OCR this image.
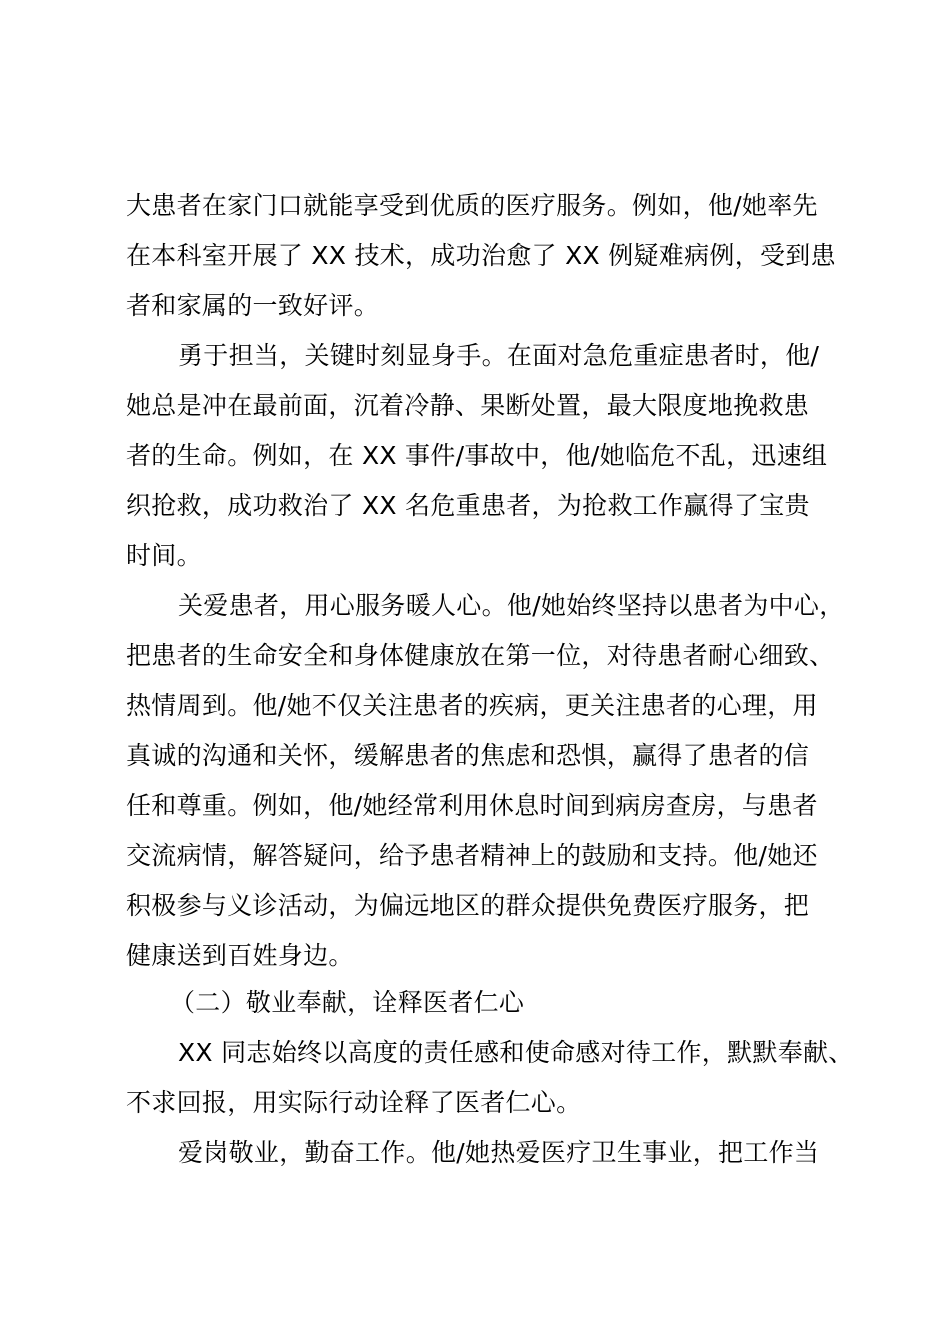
大患者在家门口就能享受到优质的医疗服务。例如，他/她率先
在本科室开展了 XX 技术，成功治愈了 XX 例疑难病例，受到患
者和家属的一致好评。
勇于担当，关键时刻显身手。在面对急危重症患者时，他/
她总是冲在最前面，沉着冷静、果断处置，最大限度地挽救患
者的生命。例如，在 XX 事件/事故中，他/她临危不乱，迅速组
织抢救，成功救治了 XX 名危重患者，为抢救工作赢得了宝贵
时间。
关爱患者，用心服务暖人心。他/她始终坚持以患者为中心，
把患者的生命安全和身体健康放在第一位，对待患者耐心细致、
热情周到。他/她不仅关注患者的疾病，更关注患者的心理，用
真诚的沟通和关怀，缓解患者的焦虑和恐惧，赢得了患者的信
任和尊重。例如，他/她经常利用休息时间到病房查房，与患者
交流病情，解答疑问，给予患者精神上的鼓励和支持。他/她还
积极参与义诊活动，为偏远地区的群众提供免费医疗服务，把
健康送到百姓身边。
（二）敬业奉献，诠释医者仁心
XX 同志始终以高度的责任感和使命感对待工作，默默奉献、
不求回报，用实际行动诠释了医者仁心。
爱岗敬业，勤奋工作。他/她热爱医疗卫生事业，把工作当
